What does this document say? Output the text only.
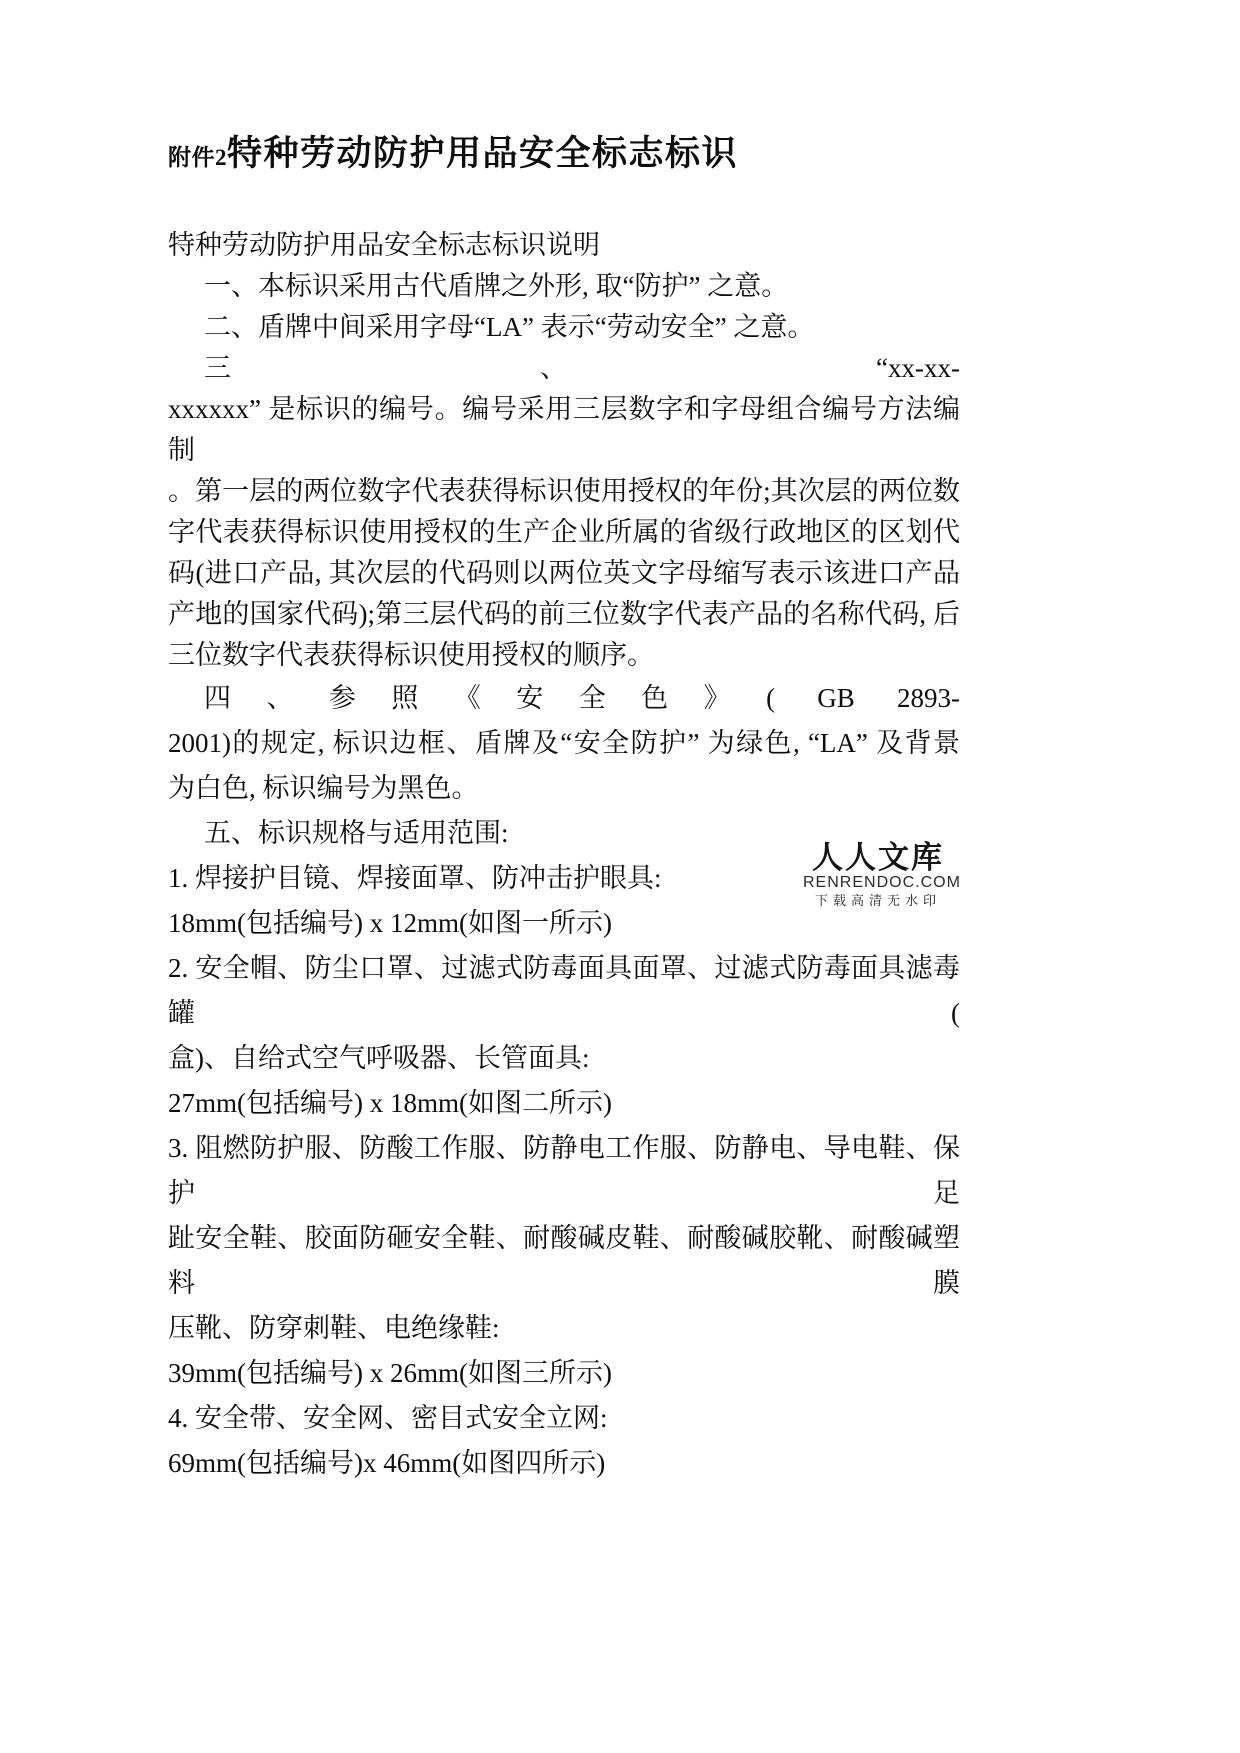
附件2特种劳动防护用品安全标志标识
特种劳动防护用品安全标志标识说明
一、本标识采用古代盾牌之外形, 取“防护” 之意。
二、盾牌中间采用字母“LA” 表示“劳动安全” 之意。
三、“xx-xx-
xxxxxx” 是标识的编号。编号采用三层数字和字母组合编号方法编制
。第一层的两位数字代表获得标识使用授权的年份;其次层的两位数
字代表获得标识使用授权的生产企业所属的省级行政地区的区划代
码(进口产品, 其次层的代码则以两位英文字母缩写表示该进口产品
产地的国家代码);第三层代码的前三位数字代表产品的名称代码, 后
三位数字代表获得标识使用授权的顺序。
四、参照《安全色》( GB 2893-
2001)的规定, 标识边框、盾牌及“安全防护” 为绿色, “LA” 及背景
为白色, 标识编号为黑色。
五、标识规格与适用范围:
1. 焊接护目镜、焊接面罩、防冲击护眼具:
18mm(包括编号) x 12mm(如图一所示)
2. 安全帽、防尘口罩、过滤式防毒面具面罩、过滤式防毒面具滤毒罐(
盒)、自给式空气呼吸器、长管面具:
27mm(包括编号) x 18mm(如图二所示)
3. 阻燃防护服、防酸工作服、防静电工作服、防静电、导电鞋、保护足
趾安全鞋、胶面防砸安全鞋、耐酸碱皮鞋、耐酸碱胶靴、耐酸碱塑料膜
压靴、防穿刺鞋、电绝缘鞋:
39mm(包括编号) x 26mm(如图三所示)
4. 安全带、安全网、密目式安全立网:
69mm(包括编号)x 46mm(如图四所示)
人人文库
RENRENDOC.COM
下载高清无水印
